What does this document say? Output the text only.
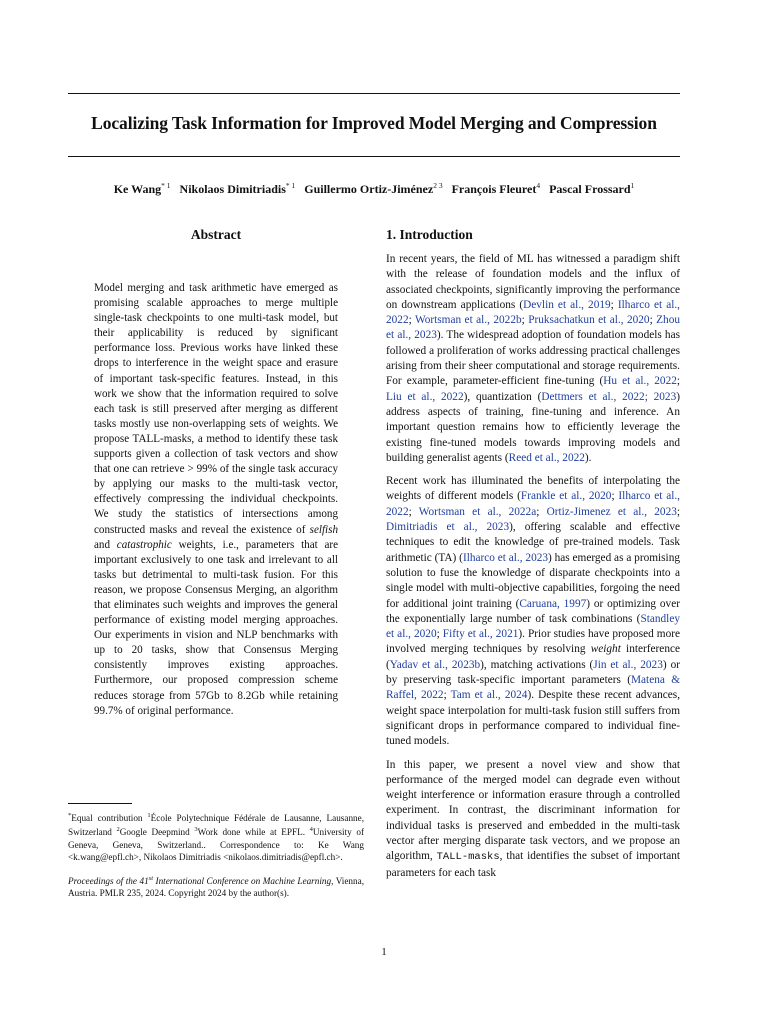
Localizing Task Information for Improved Model Merging and Compression
Ke Wang$^{* 1}$ Nikolaos Dimitriadis$^{* 1}$ Guillermo Ortiz-Jiménez$^{2 3}$ François Fleuret$^4$ Pascal Frossard$^1$
Abstract
Model merging and task arithmetic have emerged as promising scalable approaches to merge multiple single-task checkpoints to one multi-task model, but their applicability is reduced by significant performance loss. Previous works have linked these drops to interference in the weight space and erasure of important task-specific features. Instead, in this work we show that the information required to solve each task is still preserved after merging as different tasks mostly use non-overlapping sets of weights. We propose TALL-masks, a method to identify these task supports given a collection of task vectors and show that one can retrieve > 99% of the single task accuracy by applying our masks to the multi-task vector, effectively compressing the individual checkpoints. We study the statistics of intersections among constructed masks and reveal the existence of selfish and catastrophic weights, i.e., parameters that are important exclusively to one task and irrelevant to all tasks but detrimental to multi-task fusion. For this reason, we propose Consensus Merging, an algorithm that eliminates such weights and improves the general performance of existing model merging approaches. Our experiments in vision and NLP benchmarks with up to 20 tasks, show that Consensus Merging consistently improves existing approaches. Furthermore, our proposed compression scheme reduces storage from 57Gb to 8.2Gb while retaining 99.7% of original performance.
*Equal contribution $^1$École Polytechnique Fédérale de Lausanne, Lausanne, Switzerland $^2$Google Deepmind $^3$Work done while at EPFL. $^4$University of Geneva, Geneva, Switzerland.. Correspondence to: Ke Wang <k.wang@epfl.ch>, Nikolaos Dimitriadis <nikolaos.dimitriadis@epfl.ch>.
Proceedings of the 41st International Conference on Machine Learning, Vienna, Austria. PMLR 235, 2024. Copyright 2024 by the author(s).
1. Introduction
In recent years, the field of ML has witnessed a paradigm shift with the release of foundation models and the influx of associated checkpoints, significantly improving the performance on downstream applications (Devlin et al., 2019; Ilharco et al., 2022; Wortsman et al., 2022b; Pruksachatkun et al., 2020; Zhou et al., 2023). The widespread adoption of foundation models has followed a proliferation of works addressing practical challenges arising from their sheer computational and storage requirements. For example, parameter-efficient fine-tuning (Hu et al., 2022; Liu et al., 2022), quantization (Dettmers et al., 2022; 2023) address aspects of training, fine-tuning and inference. An important question remains how to efficiently leverage the existing fine-tuned models towards improving models and building generalist agents (Reed et al., 2022).
Recent work has illuminated the benefits of interpolating the weights of different models (Frankle et al., 2020; Ilharco et al., 2022; Wortsman et al., 2022a; Ortiz-Jimenez et al., 2023; Dimitriadis et al., 2023), offering scalable and effective techniques to edit the knowledge of pre-trained models. Task arithmetic (TA) (Ilharco et al., 2023) has emerged as a promising solution to fuse the knowledge of disparate checkpoints into a single model with multi-objective capabilities, forgoing the need for additional joint training (Caruana, 1997) or optimizing over the exponentially large number of task combinations (Standley et al., 2020; Fifty et al., 2021). Prior studies have proposed more involved merging techniques by resolving weight interference (Yadav et al., 2023b), matching activations (Jin et al., 2023) or by preserving task-specific important parameters (Matena & Raffel, 2022; Tam et al., 2024). Despite these recent advances, weight space interpolation for multi-task fusion still suffers from significant drops in performance compared to individual fine-tuned models.
In this paper, we present a novel view and show that performance of the merged model can degrade even without weight interference or information erasure through a controlled experiment. In contrast, the discriminant information for individual tasks is preserved and embedded in the multi-task vector after merging disparate task vectors, and we propose an algorithm, TALL-masks, that identifies the subset of important parameters for each task
1
